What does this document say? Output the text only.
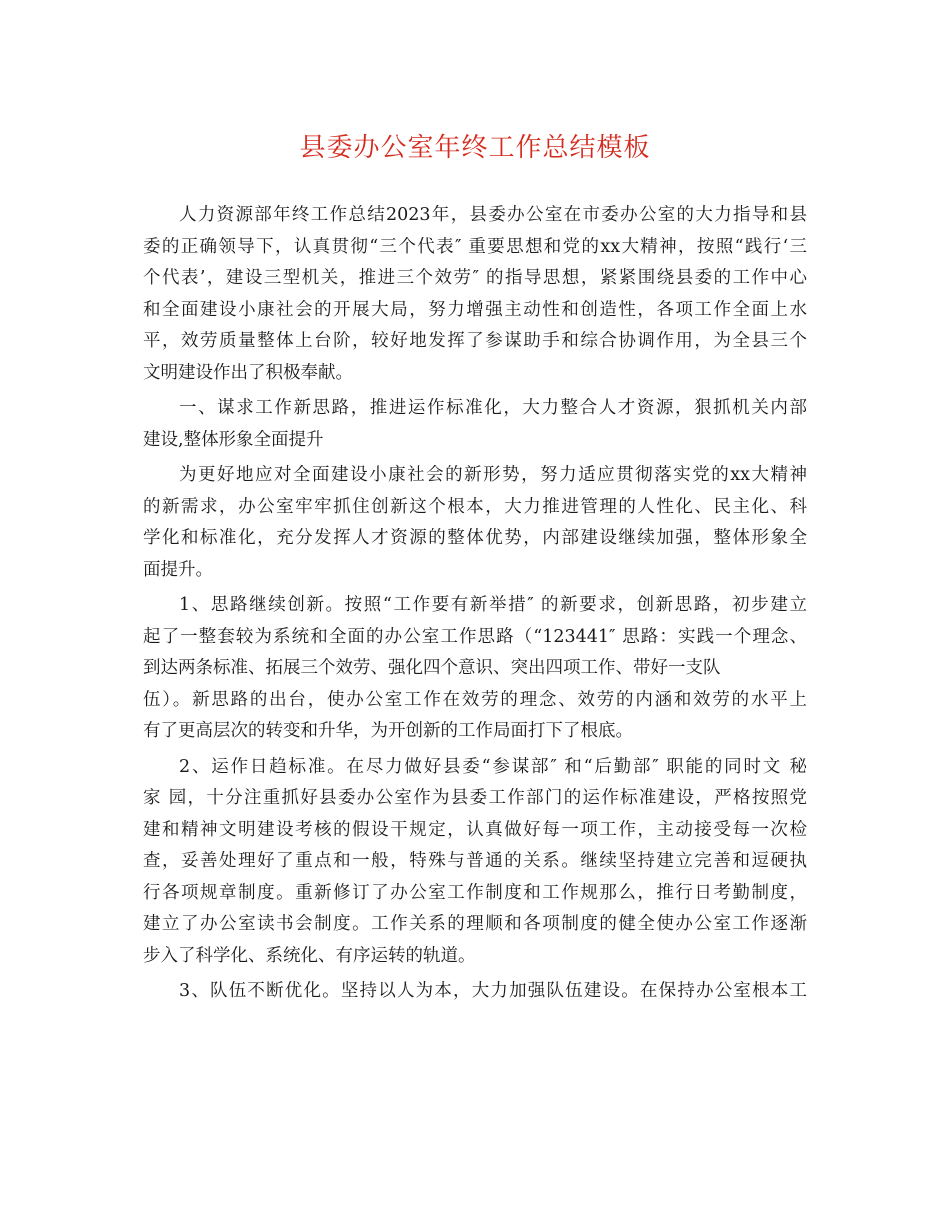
县委办公室年终工作总结模板
人力资源部年终工作总结2023年，县委办公室在市委办公室的大力指导和县
委的正确领导下，认真贯彻“三个代表″ 重要思想和党的xx大精神，按照“践行‘三
个代表’，建设三型机关，推进三个效劳″ 的指导思想，紧紧围绕县委的工作中心
和全面建设小康社会的开展大局，努力增强主动性和创造性，各项工作全面上水
平，效劳质量整体上台阶，较好地发挥了参谋助手和综合协调作用，为全县三个
文明建设作出了积极奉献。
一、谋求工作新思路，推进运作标准化，大力整合人才资源，狠抓机关内部
建设,整体形象全面提升
为更好地应对全面建设小康社会的新形势，努力适应贯彻落实党的xx大精神
的新需求，办公室牢牢抓住创新这个根本，大力推进管理的人性化、民主化、科
学化和标准化，充分发挥人才资源的整体优势，内部建设继续加强，整体形象全
面提升。
1、思路继续创新。按照“工作要有新举措″ 的新要求，创新思路，初步建立
起了一整套较为系统和全面的办公室工作思路（“123441″ 思路：实践一个理念、
到达两条标准、拓展三个效劳、强化四个意识、突出四项工作、带好一支队
伍）。新思路的出台，使办公室工作在效劳的理念、效劳的内涵和效劳的水平上
有了更高层次的转变和升华，为开创新的工作局面打下了根底。
2、运作日趋标准。在尽力做好县委“参谋部″ 和“后勤部″ 职能的同时文 秘
家 园，十分注重抓好县委办公室作为县委工作部门的运作标准建设，严格按照党
建和精神文明建设考核的假设干规定，认真做好每一项工作，主动接受每一次检
查，妥善处理好了重点和一般，特殊与普通的关系。继续坚持建立完善和逗硬执
行各项规章制度。重新修订了办公室工作制度和工作规那么，推行日考勤制度，
建立了办公室读书会制度。工作关系的理顺和各项制度的健全使办公室工作逐渐
步入了科学化、系统化、有序运转的轨道。
3、队伍不断优化。坚持以人为本，大力加强队伍建设。在保持办公室根本工
